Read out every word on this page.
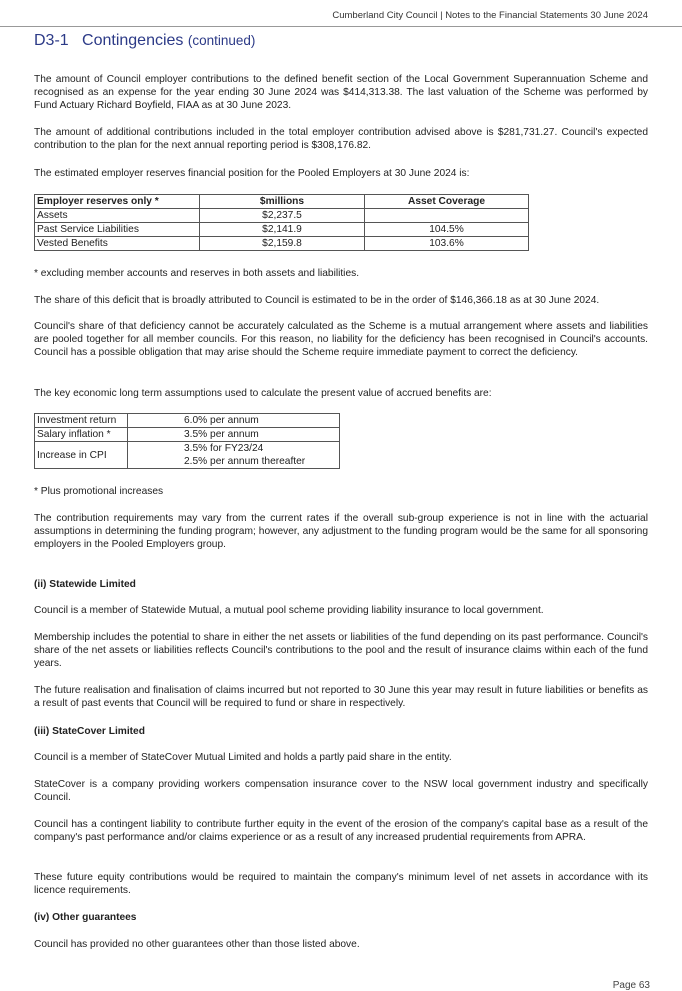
Cumberland City Council | Notes to the Financial Statements 30 June 2024
D3-1   Contingencies (continued)
The amount of Council employer contributions to the defined benefit section of the Local Government Superannuation Scheme and recognised as an expense for the year ending 30 June 2024 was $414,313.38. The last valuation of the Scheme was performed by Fund Actuary Richard Boyfield, FIAA as at 30 June 2023.
The amount of additional contributions included in the total employer contribution advised above is $281,731.27. Council's expected contribution to the plan for the next annual reporting period is $308,176.82.
The estimated employer reserves financial position for the Pooled Employers at 30 June 2024 is:
Employer reserves only *	$millions	Asset Coverage
Assets	$2,237.5	
Past Service Liabilities	$2,141.9	104.5%
Vested Benefits	$2,159.8	103.6%
* excluding member accounts and reserves in both assets and liabilities.
The share of this deficit that is broadly attributed to Council is estimated to be in the order of $146,366.18 as at 30 June 2024.
Council's share of that deficiency cannot be accurately calculated as the Scheme is a mutual arrangement where assets and liabilities are pooled together for all member councils. For this reason, no liability for the deficiency has been recognised in Council's accounts. Council has a possible obligation that may arise should the Scheme require immediate payment to correct the deficiency.
The key economic long term assumptions used to calculate the present value of accrued benefits are:
Investment return	6.0% per annum
Salary inflation *	3.5% per annum
Increase in CPI	3.5% for FY23/24
2.5% per annum thereafter
* Plus promotional increases
The contribution requirements may vary from the current rates if the overall sub-group experience is not in line with the actuarial assumptions in determining the funding program; however, any adjustment to the funding program would be the same for all sponsoring employers in the Pooled Employers group.
(ii) Statewide Limited
Council is a member of Statewide Mutual, a mutual pool scheme providing liability insurance to local government.
Membership includes the potential to share in either the net assets or liabilities of the fund depending on its past performance. Council's share of the net assets or liabilities reflects Council's contributions to the pool and the result of insurance claims within each of the fund years.
The future realisation and finalisation of claims incurred but not reported to 30 June this year may result in future liabilities or benefits as a result of past events that Council will be required to fund or share in respectively.
(iii) StateCover Limited
Council is a member of StateCover Mutual Limited and holds a partly paid share in the entity.
StateCover is a company providing workers compensation insurance cover to the NSW local government industry and specifically Council.
Council has a contingent liability to contribute further equity in the event of the erosion of the company's capital base as a result of the company's past performance and/or claims experience or as a result of any increased prudential requirements from APRA.
These future equity contributions would be required to maintain the company's minimum level of net assets in accordance with its licence requirements.
(iv) Other guarantees
Council has provided no other guarantees other than those listed above.
Page 63
